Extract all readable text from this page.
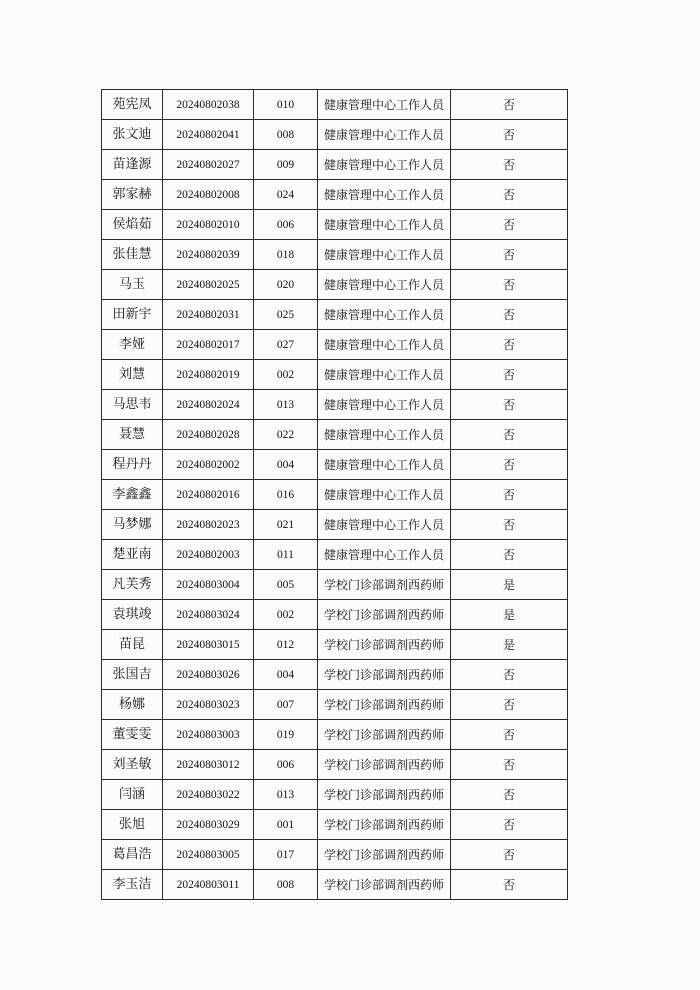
苑宪凤	20240802038	010	健康管理中心工作人员	否
张文迪	20240802041	008	健康管理中心工作人员	否
苗逢源	20240802027	009	健康管理中心工作人员	否
郭家赫	20240802008	024	健康管理中心工作人员	否
侯焰茹	20240802010	006	健康管理中心工作人员	否
张佳慧	20240802039	018	健康管理中心工作人员	否
马玉	20240802025	020	健康管理中心工作人员	否
田新宇	20240802031	025	健康管理中心工作人员	否
李娅	20240802017	027	健康管理中心工作人员	否
刘慧	20240802019	002	健康管理中心工作人员	否
马思韦	20240802024	013	健康管理中心工作人员	否
聂慧	20240802028	022	健康管理中心工作人员	否
程丹丹	20240802002	004	健康管理中心工作人员	否
李鑫鑫	20240802016	016	健康管理中心工作人员	否
马梦娜	20240802023	021	健康管理中心工作人员	否
楚亚南	20240802003	011	健康管理中心工作人员	否
凡芙秀	20240803004	005	学校门诊部调剂西药师	是
袁琪竣	20240803024	002	学校门诊部调剂西药师	是
苗昆	20240803015	012	学校门诊部调剂西药师	是
张国吉	20240803026	004	学校门诊部调剂西药师	否
杨娜	20240803023	007	学校门诊部调剂西药师	否
董雯雯	20240803003	019	学校门诊部调剂西药师	否
刘圣敏	20240803012	006	学校门诊部调剂西药师	否
闫涵	20240803022	013	学校门诊部调剂西药师	否
张旭	20240803029	001	学校门诊部调剂西药师	否
葛昌浩	20240803005	017	学校门诊部调剂西药师	否
李玉洁	20240803011	008	学校门诊部调剂西药师	否
